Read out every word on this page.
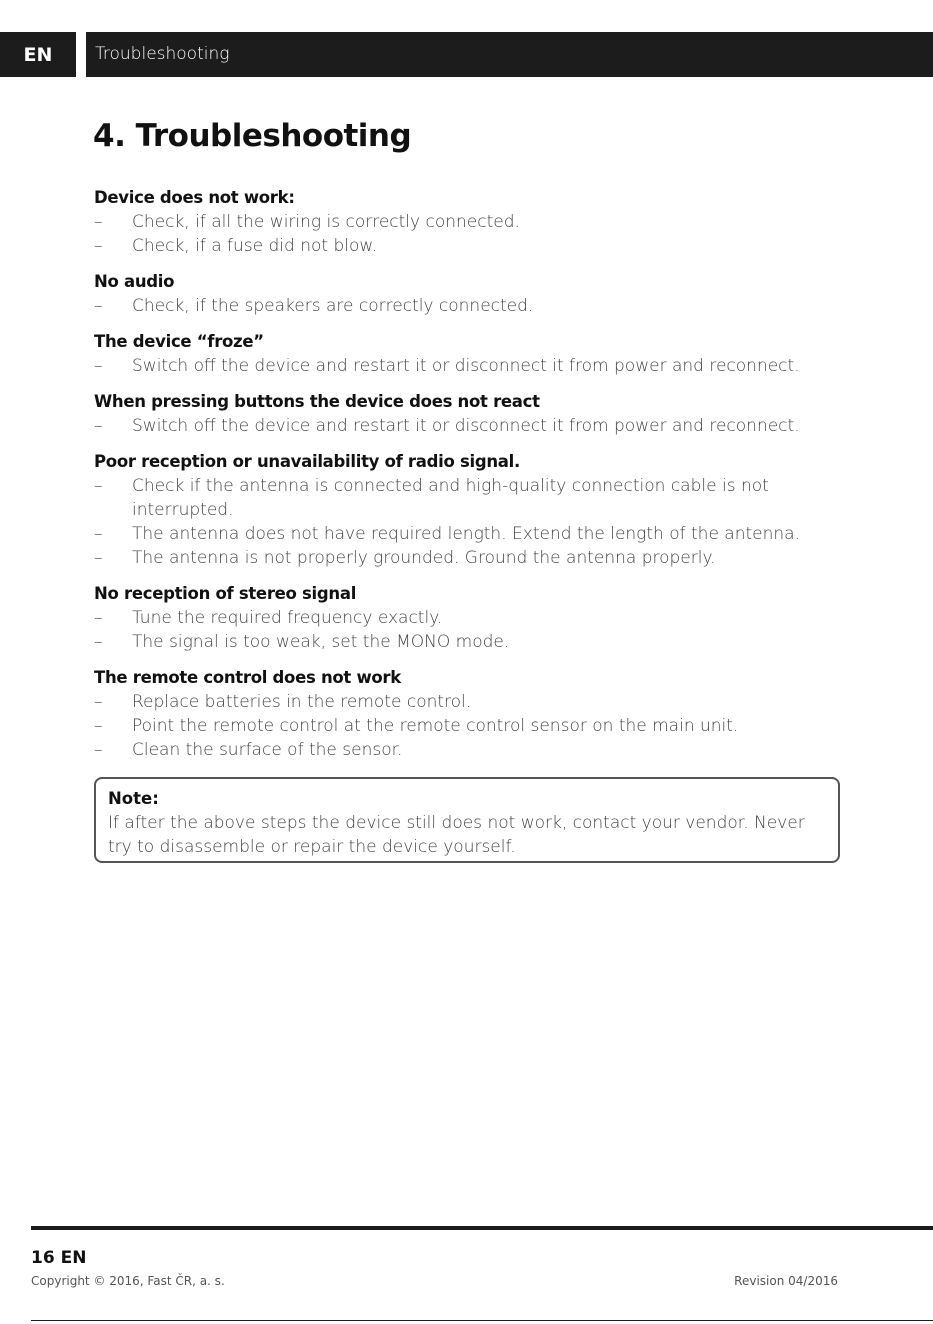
EN	Troubleshooting
4. Troubleshooting
Device does not work:
–	Check, if all the wiring is correctly connected.
–	Check, if a fuse did not blow.
No audio
–	Check, if the speakers are correctly connected.
The device “froze”
–	Switch off the device and restart it or disconnect it from power and reconnect.
When pressing buttons the device does not react
–	Switch off the device and restart it or disconnect it from power and reconnect.
Poor reception or unavailability of radio signal.
–	Check if the antenna is connected and high-quality connection cable is not interrupted.
–	The antenna does not have required length. Extend the length of the antenna.
–	The antenna is not properly grounded. Ground the antenna properly.
No reception of stereo signal
–	Tune the required frequency exactly.
–	The signal is too weak, set the MONO mode.
The remote control does not work
–	Replace batteries in the remote control.
–	Point the remote control at the remote control sensor on the main unit.
–	Clean the surface of the sensor.
Note:
If after the above steps the device still does not work, contact your vendor. Never try to disassemble or repair the device yourself.
16 EN
Copyright © 2016, Fast ČR, a. s.	Revision 04/2016
